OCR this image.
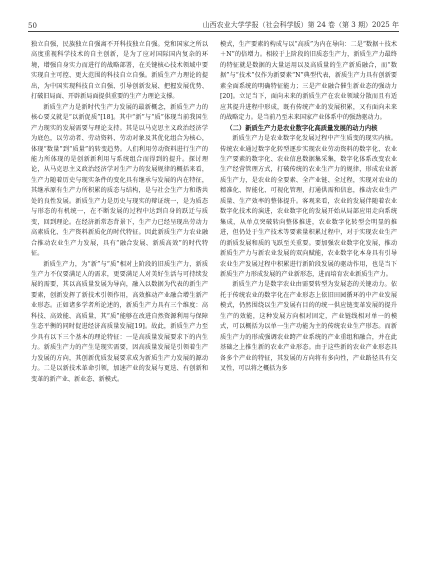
50	山西农业大学学报（社会科学版）第 24 卷（第 3 期）2025 年

独立自强，民族独立自强离不开科技独立自强。党和国家之所以高度重视科学技术的自主创新，是为了应对国际国内复杂的环境，增强自身实力而进行的战略部署，在关键核心技术领域中要实现自主可控、更大范围的科技自立自强。新质生产力理论的提出，为中国实现科技自立自强、引导创新发展、把握发展优势、打破旧局面、开辟新局面提供重要的生产力理论支撑。

新质生产力是新时代生产力发展的最新概念，新质生产力的核心要义就是“以新促质”[18]。其中“新”与“质”体现当前我国生产力现实的发展需要与理论支持。其是以马克思主义政治经济学为底色，以劳动者、劳动资料、劳动对象及其优化组合为核心，体现“数量”到“质量”的转变趋势。人们利用劳动资料进行生产的能力所体现的是创新新利用与系统组合而得到的提升。探讨理论，从马克思主义政治经济学对生产力的发展规律的概括来看，生产力随着历史与现实条件的变化具有继承与发展的内在特征，其继承原有生产力所积累的质态与结构，是与社会生产力和谐共处的良性发展。新质生产力是历史与现实的辩证统一，是为质态与形态的有机统一，在不断发展的过程中达到自身的跃迁与质变，回到理论。在经济新常态背景下，生产力已经呈现出劳动力高素质化、生产资料新质化的时代特征。因此新质生产力农业融合推动农业生产力发展，具有“融合发展、新质高效”的时代特征。

新质生产力，为“新”与“质”相对上阶段的旧质生产力，新质生产力不仅要满足人的需求，更要满足人对美好生活与可持续发展的需要，其以高质量发展为导向，融入以数据为代表的新生产要素，创新发挥了新技术引领作用，高效推动产业融合增生新产业形态。正如诸多学者所论述的，新质生产力具有三个维度：高科技、高效能、高质量，其“质”能够在改进自然资源利用与保障生态平衡的同时促进经济高质量发展[19]。故此，新质生产力至少具有以下三个基本的理论特征：一是高质量发展要求下的内生力。新质生产力的产生是现实需要，因高质量发展是引领着生产力发展的方向，其创新优质发展要求成为新质生产力发展的源动力。二是以新技术革命引领，加速产业的发展与更迭、有创新和变革的新产业、新业态、新模式。

模式，生产要素的构成与以“高质”为内在导向：二是“数据＋技术＋N”的倍增力。相较于上阶段的旧质态生产力，新质生产力最终的特征就是数据的大量运用以及高质量的生产新质融合，而“数据”与“技术”仅作为新要素“N”典型代表，新质生产力具有创新要素全面系统的明确特征能力；三是产业融合催生新业态的强动力[20]。立足当下，面向未来的新质生产在农业领域分散而且有适应其提升进程中形成，既有传统产业的发展积累，又有面向未来的战略定力。是当前乃至未来国家产业体系中的强劲驱动力。

（二）新质生产力是农业数字化高质量发展的动力内核

新质生产力是农业数字化发展过程中产生质变的现实内核。传统农业通过数字化转型逐步实现农业劳动资料的数字化、农业生产要素的数字化、农业信息数据集采集，数字化体系改变农业生产经营管理方式，打破传统的农业生产力的规律，形成农业新质生产力，是农业的全要素、全产业链、全过程，实现对农业的精准化、智能化、可视化管理，打通供需和信息，推动农业生产质量、生产效率的整体提升。客观来看，农业的发展伴随着农业数字化技术的演进，农业数字化的发展开始从局部应用走向系统集成，从单点突破转向整体推进，农业数字化转型会明显的推进，但仍处于生产技术等要素量积累过程中，对于实现农业生产的新质发展和质的飞跃至关重要。要加强农业数字化发展，推动新质生产力与新农业发展的双向赋能，农业数字化本身具有引导农业生产发展过程中积累进行新阶段发展的驱动作用，也是当下新质生产力形成发展的产业新形态，进而培育农业新质生产力。

新质生产力是数字农业由需要转型为发展态的关键动力。依托于传统农业的数字化在产业形态上依旧田园循环的中产业发展模式，仍然围绕以生产发展有目的的统一供应链变革发展的提升生产的效能，这种发展方向相对固定，产业链线相对单一的模式，可以概括为以单一生产功能为主的传统农业生产形态。而新质生产力的形成强调农业跨产业系统的产业重组和融合，并在此基础之上推生新的农业产业形态。由于这些新的农业产业形态具备多个产业的特征，其发展的方向将有多向性，产业路径具有交叉性，可以将之概括为多
